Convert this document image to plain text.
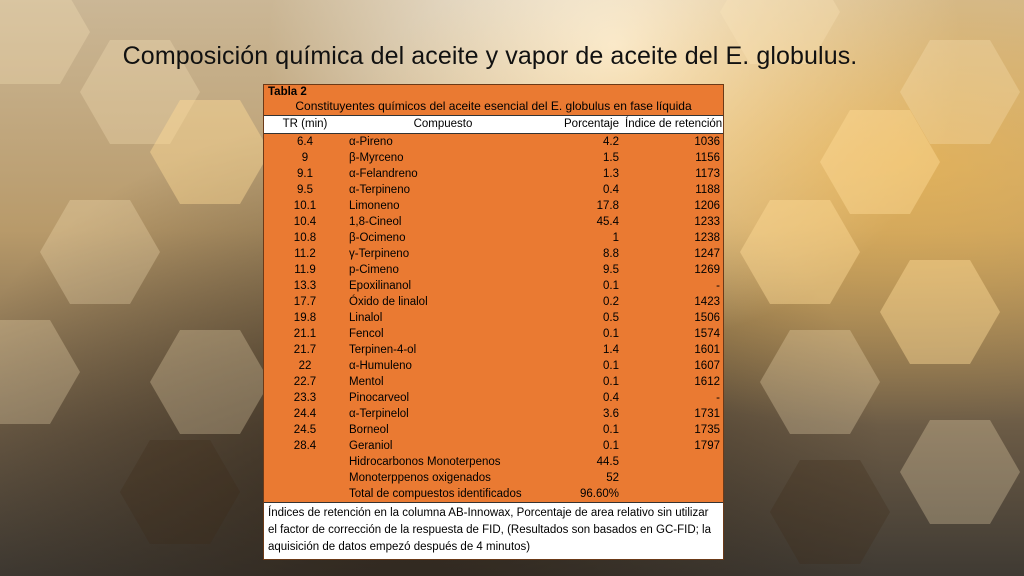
Composición química del aceite y vapor de aceite del E. globulus.
Tabla 2
Constituyentes químicos del aceite esencial del E. globulus en fase líquida
TR (min)	Compuesto	Porcentaje	Índice de retención
6.4	α-Pireno	4.2	1036
9	β-Myrceno	1.5	1156
9.1	α-Felandreno	1.3	1173
9.5	α-Terpineno	0.4	1188
10.1	Limoneno	17.8	1206
10.4	1,8-Cineol	45.4	1233
10.8	β-Ocimeno	1	1238
11.2	γ-Terpineno	8.8	1247
11.9	p-Cimeno	9.5	1269
13.3	Epoxilinanol	0.1	-
17.7	Óxido de linalol	0.2	1423
19.8	Linalol	0.5	1506
21.1	Fencol	0.1	1574
21.7	Terpinen-4-ol	1.4	1601
22	α-Humuleno	0.1	1607
22.7	Mentol	0.1	1612
23.3	Pinocarveol	0.4	-
24.4	α-Terpinelol	3.6	1731
24.5	Borneol	0.1	1735
28.4	Geraniol	0.1	1797
	Hidrocarbonos Monoterpenos	44.5	
	Monoterppenos oxigenados	52	
	Total de compuestos identificados	96.60%	
Índices de retención en la columna AB-Innowax, Porcentaje de area relativo sin utilizar el factor de corrección de la respuesta de FID, (Resultados son basados en GC-FID; la aquisición de datos empezó después de 4 minutos)
